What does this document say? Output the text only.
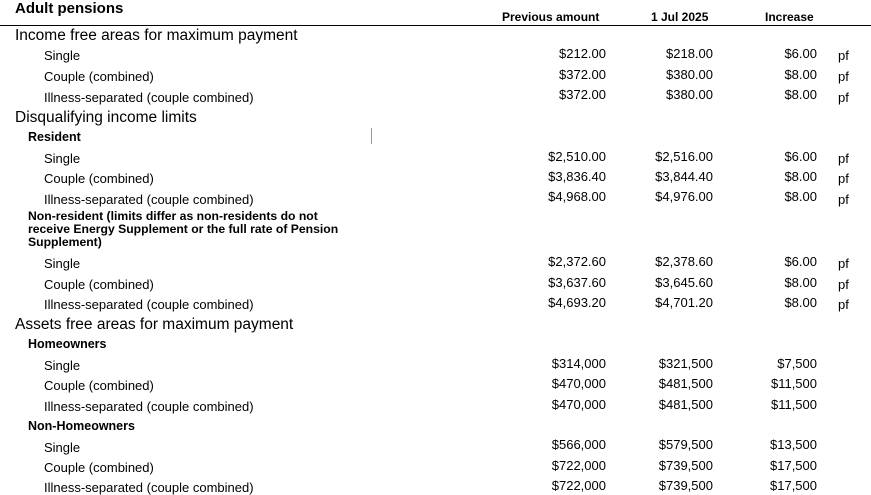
Adult pensions	Previous amount	1 Jul 2025	Increase
Income free areas for maximum payment
Single	$212.00	$218.00	$6.00 pf
Couple (combined)	$372.00	$380.00	$8.00 pf
Illness-separated (couple combined)	$372.00	$380.00	$8.00 pf
Disqualifying income limits
Resident
Single	$2,510.00	$2,516.00	$6.00 pf
Couple (combined)	$3,836.40	$3,844.40	$8.00 pf
Illness-separated (couple combined)	$4,968.00	$4,976.00	$8.00 pf
Non-resident (limits differ as non-residents do not receive Energy Supplement or the full rate of Pension Supplement)
Single	$2,372.60	$2,378.60	$6.00 pf
Couple (combined)	$3,637.60	$3,645.60	$8.00 pf
Illness-separated (couple combined)	$4,693.20	$4,701.20	$8.00 pf
Assets free areas for maximum payment
Homeowners
Single	$314,000	$321,500	$7,500
Couple (combined)	$470,000	$481,500	$11,500
Illness-separated (couple combined)	$470,000	$481,500	$11,500
Non-Homeowners
Single	$566,000	$579,500	$13,500
Couple (combined)	$722,000	$739,500	$17,500
Illness-separated (couple combined)	$722,000	$739,500	$17,500
